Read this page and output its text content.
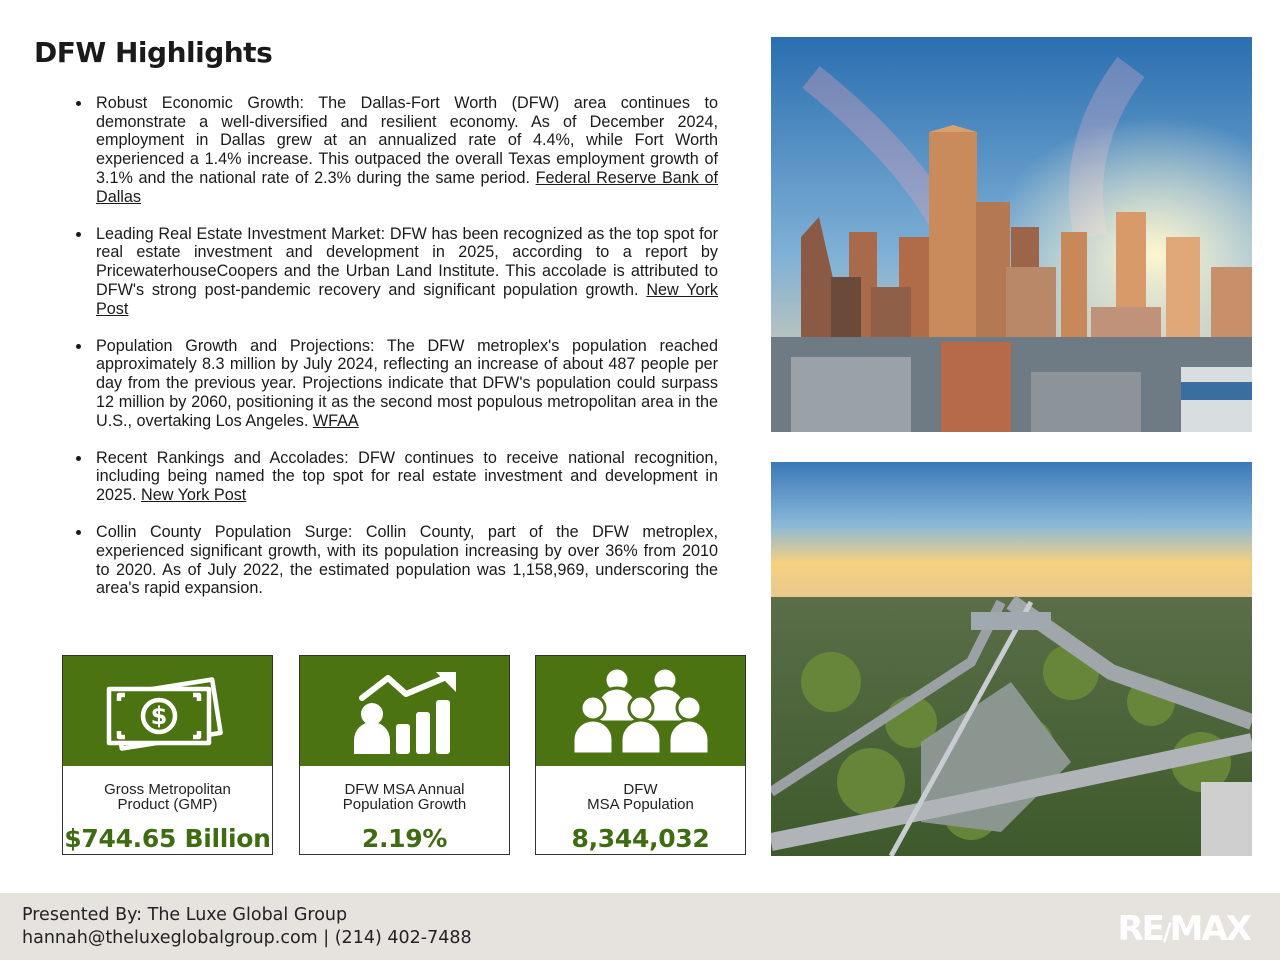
DFW Highlights
Robust Economic Growth: The Dallas-Fort Worth (DFW) area continues to demonstrate a well-diversified and resilient economy. As of December 2024, employment in Dallas grew at an annualized rate of 4.4%, while Fort Worth experienced a 1.4% increase. This outpaced the overall Texas employment growth of 3.1% and the national rate of 2.3% during the same period. Federal Reserve Bank of Dallas
Leading Real Estate Investment Market: DFW has been recognized as the top spot for real estate investment and development in 2025, according to a report by PricewaterhouseCoopers and the Urban Land Institute. This accolade is attributed to DFW's strong post-pandemic recovery and significant population growth. New York Post
Population Growth and Projections: The DFW metroplex's population reached approximately 8.3 million by July 2024, reflecting an increase of about 487 people per day from the previous year. Projections indicate that DFW's population could surpass 12 million by 2060, positioning it as the second most populous metropolitan area in the U.S., overtaking Los Angeles. WFAA
Recent Rankings and Accolades: DFW continues to receive national recognition, including being named the top spot for real estate investment and development in 2025. New York Post
Collin County Population Surge: Collin County, part of the DFW metroplex, experienced significant growth, with its population increasing by over 36% from 2010 to 2020. As of July 2022, the estimated population was 1,158,969, underscoring the area's rapid expansion.
$
Gross Metropolitan
Product (GMP)
$744.65 Billion
DFW MSA Annual
Population Growth
2.19%
DFW
MSA Population
8,344,032
Presented By: The Luxe Global Group
hannah@theluxeglobalgroup.com | (214) 402-7488	RE/MAX
